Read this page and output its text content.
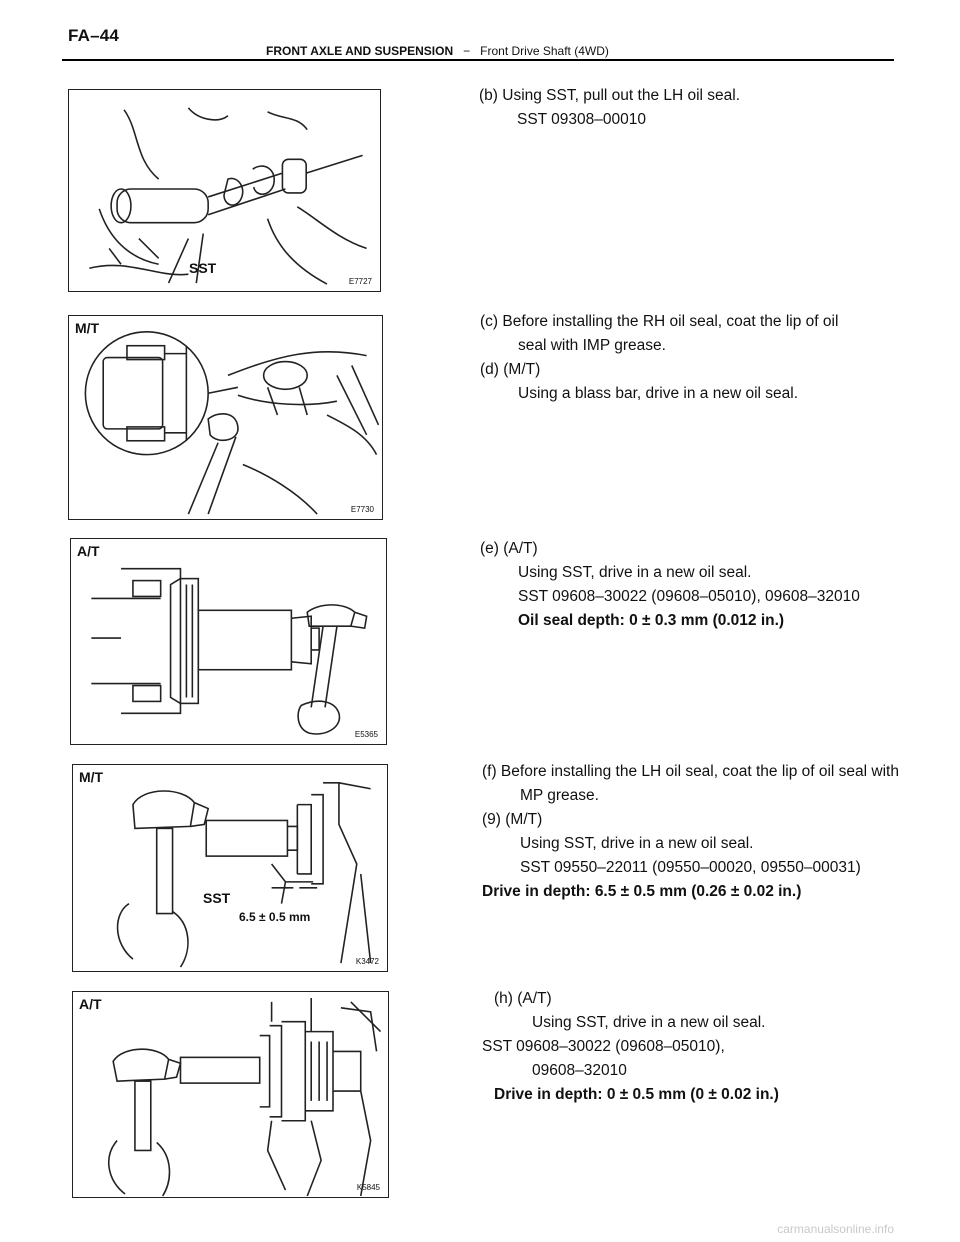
FA–44
FRONT AXLE AND SUSPENSION − Front Drive Shaft (4WD)
SST
E7727
M/T
E7730
A/T
E5365
M/T
SST
6.5 ± 0.5 mm
K3472
A/T
K5845
(b) Using SST, pull out the LH oil seal.
SST 09308–00010
(c) Before installing the RH oil seal, coat the lip of oil
seal with IMP grease.
(d) (M/T)
Using a blass bar, drive in a new oil seal.
(e) (A/T)
Using SST, drive in a new oil seal.
SST 09608–30022 (09608–05010), 09608–32010
Oil seal depth: 0 ± 0.3 mm (0.012 in.)
(f) Before installing the LH oil seal, coat the lip of oil seal with
MP grease.
(9) (M/T)
Using SST, drive in a new oil seal.
SST 09550–22011 (09550–00020, 09550–00031)
Drive in depth: 6.5 ± 0.5 mm (0.26 ± 0.02 in.)
(h) (A/T)
Using SST, drive in a new oil seal.
SST 09608–30022 (09608–05010),
09608–32010
Drive in depth: 0 ± 0.5 mm (0 ± 0.02 in.)
carmanualsonline.info
